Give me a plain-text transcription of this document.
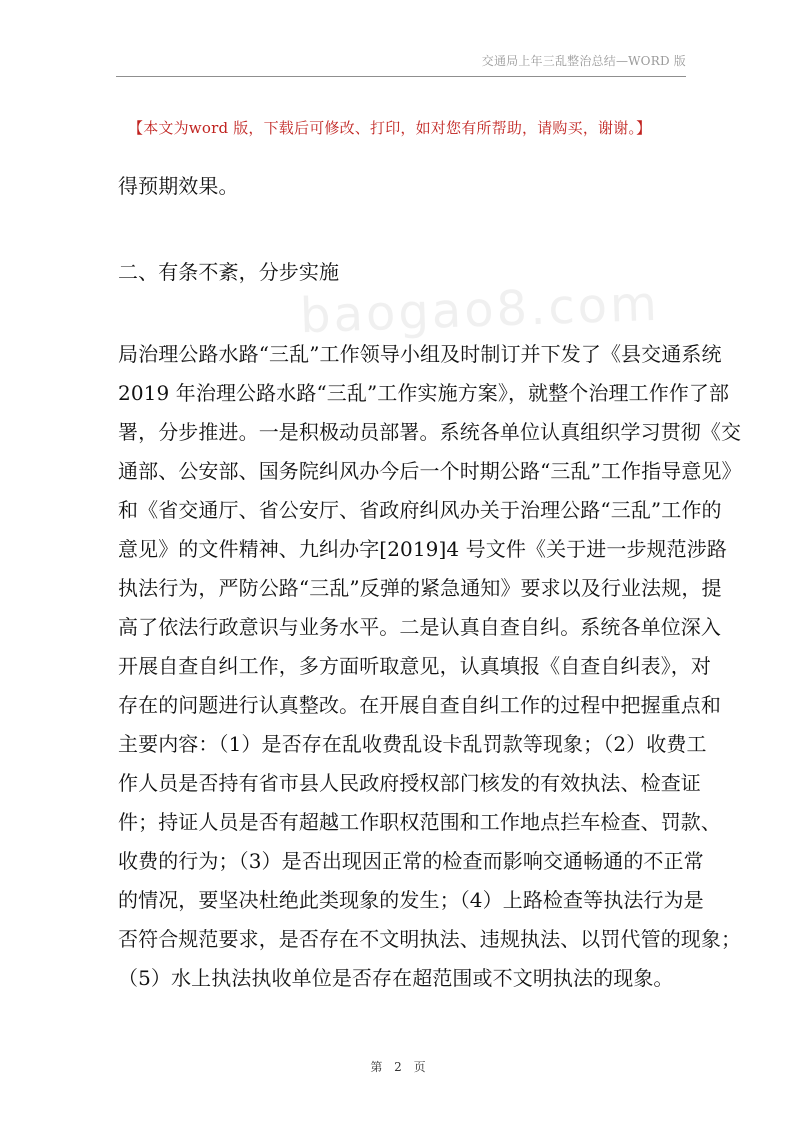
交通局上年三乱整治总结—WORD 版
【本文为word 版，下载后可修改、打印，如对您有所帮助，请购买，谢谢。】
baogao8.com
得预期效果。
二、有条不紊，分步实施
局治理公路水路“三乱”工作领导小组及时制订并下发了《县交通系统
2019 年治理公路水路“三乱”工作实施方案》，就整个治理工作作了部
署，分步推进。一是积极动员部署。系统各单位认真组织学习贯彻《交
通部、公安部、国务院纠风办今后一个时期公路“三乱”工作指导意见》
和《省交通厅、省公安厅、省政府纠风办关于治理公路“三乱”工作的
意见》的文件精神、九纠办字[2019]4 号文件《关于进一步规范涉路
执法行为，严防公路“三乱”反弹的紧急通知》要求以及行业法规，提
高了依法行政意识与业务水平。二是认真自查自纠。系统各单位深入
开展自查自纠工作，多方面听取意见，认真填报《自查自纠表》，对
存在的问题进行认真整改。在开展自查自纠工作的过程中把握重点和
主要内容：（1）是否存在乱收费乱设卡乱罚款等现象；（2）收费工
作人员是否持有省市县人民政府授权部门核发的有效执法、检查证
件；持证人员是否有超越工作职权范围和工作地点拦车检查、罚款、
收费的行为；（3）是否出现因正常的检查而影响交通畅通的不正常
的情况，要坚决杜绝此类现象的发生；（4）上路检查等执法行为是
否符合规范要求，是否存在不文明执法、违规执法、以罚代管的现象；
（5）水上执法执收单位是否存在超范围或不文明执法的现象。
第 2 页
